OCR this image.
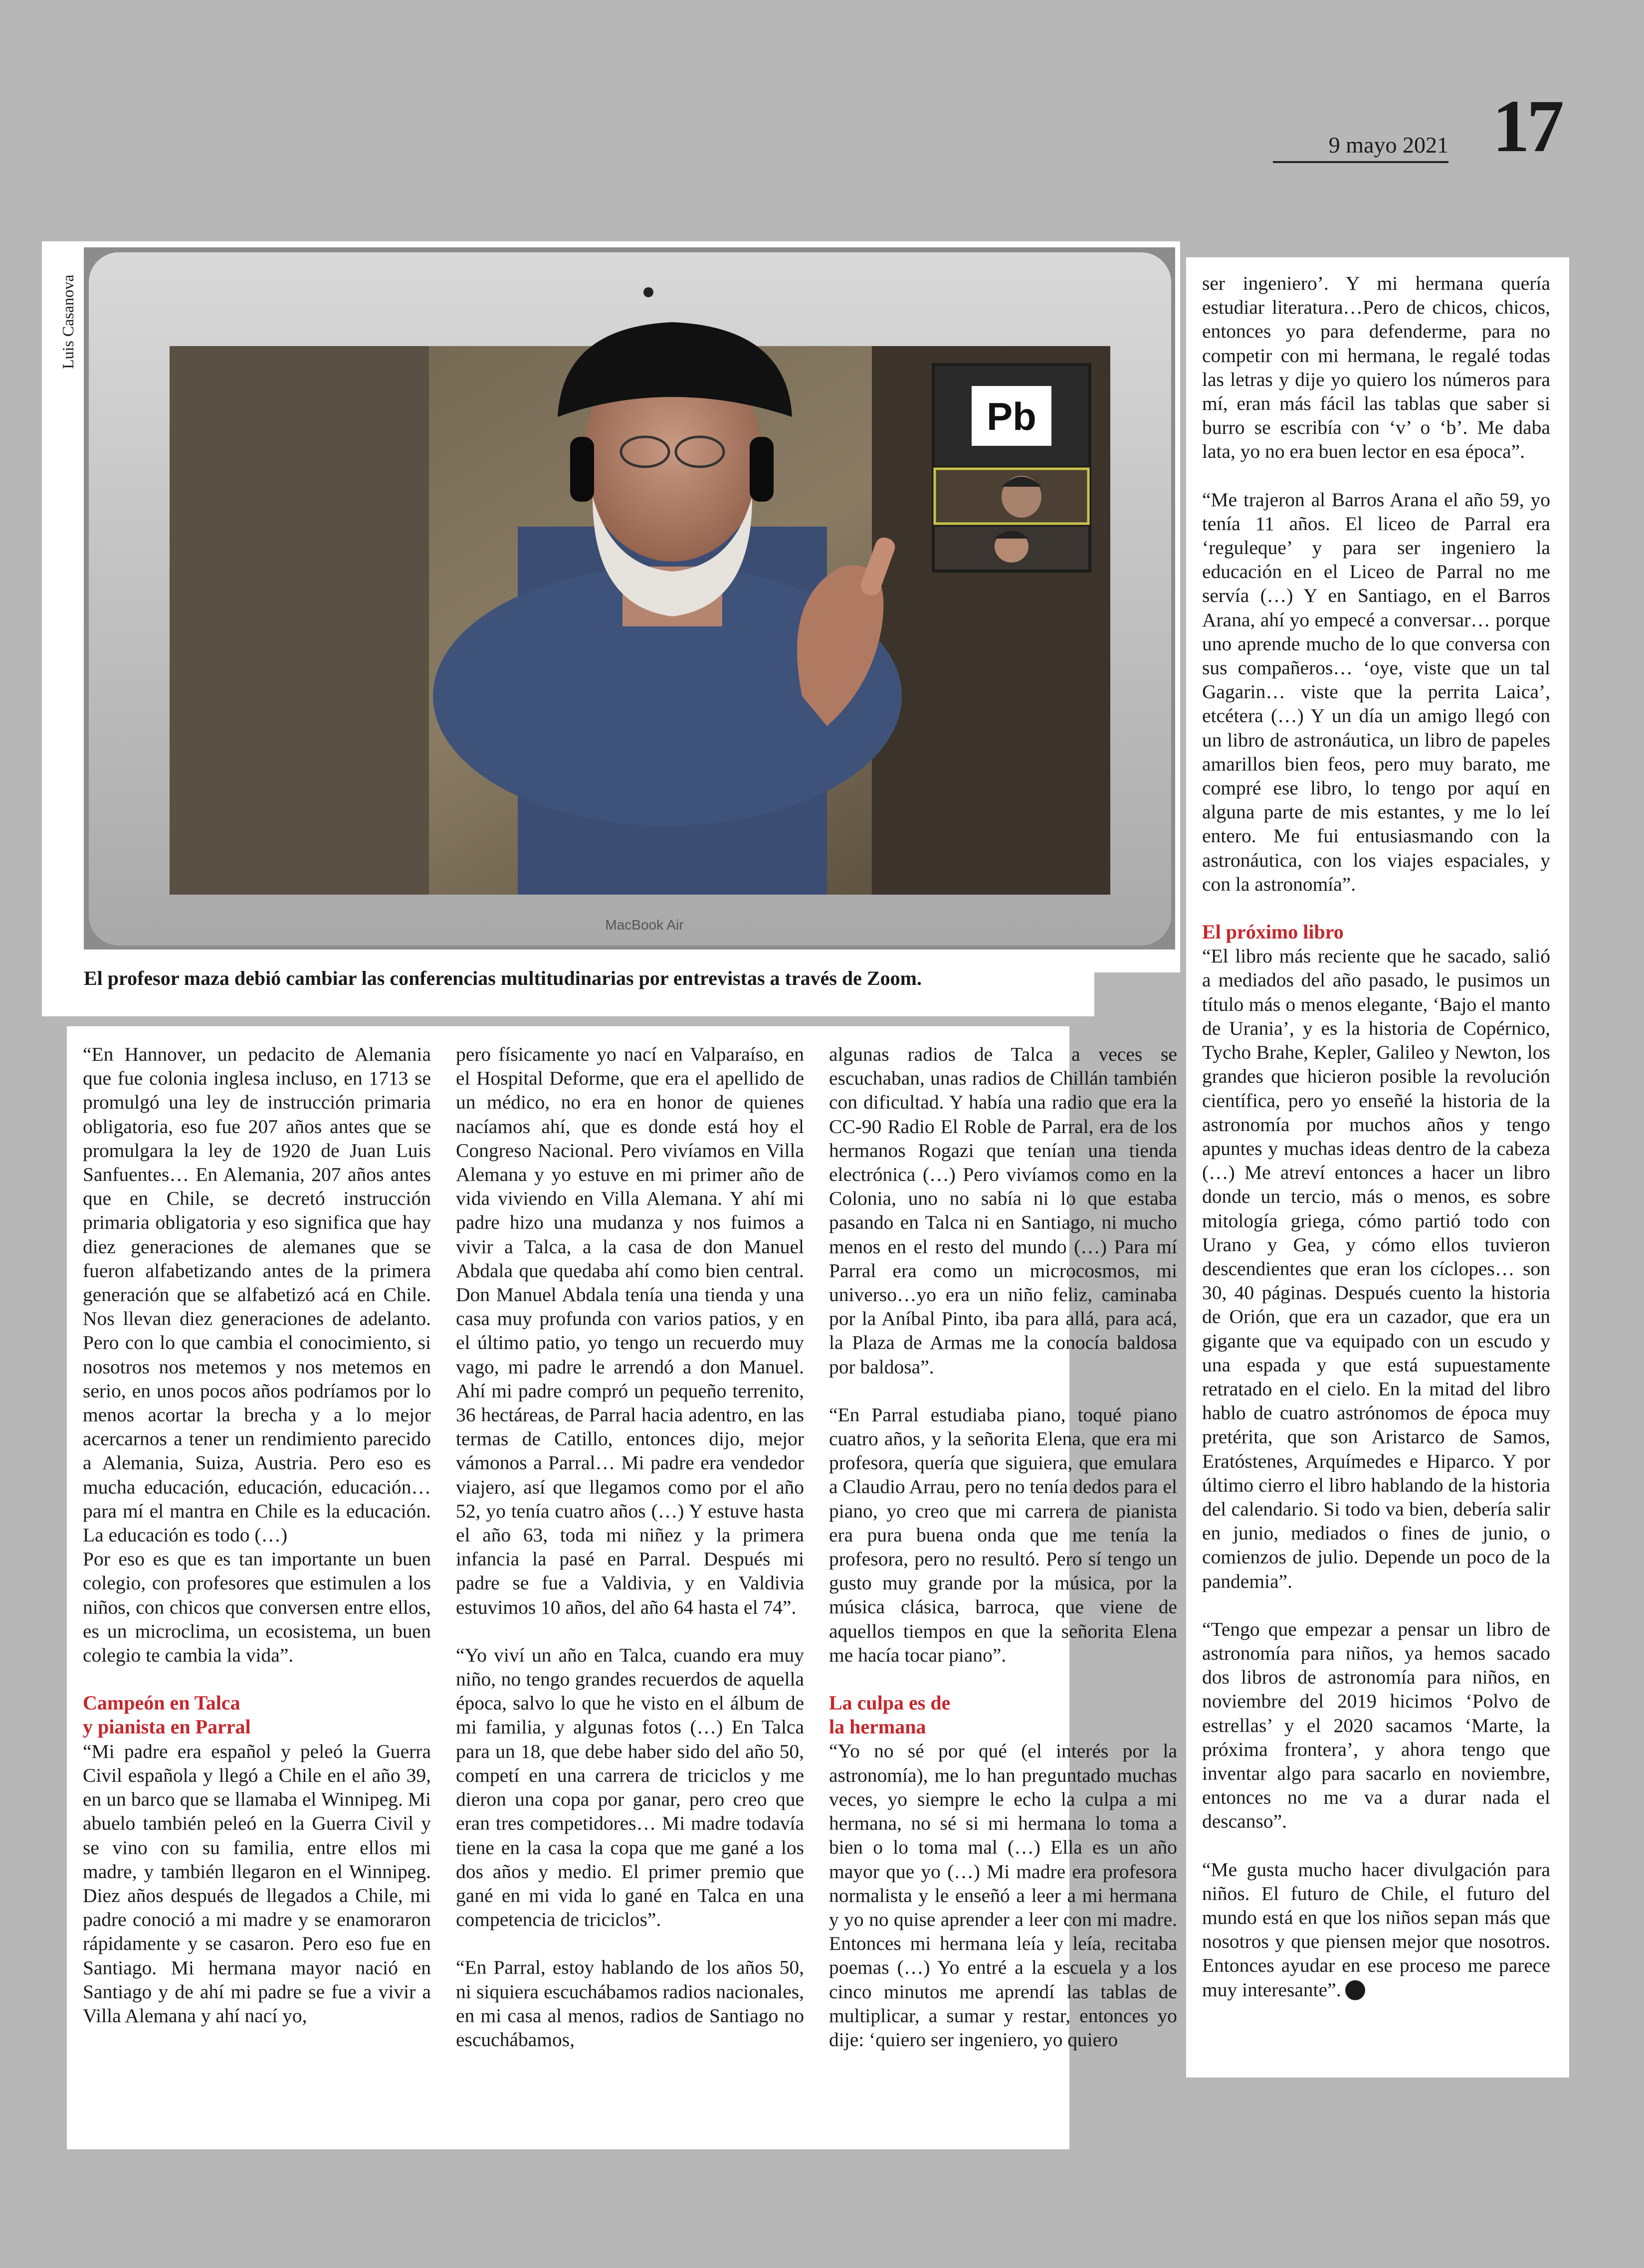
9 mayo 2021 17
Luis Casanova
Pb
MacBook Air
El profesor maza debió cambiar las conferencias multitudinarias por entrevistas a través de Zoom.

“En Hannover, un pedacito de Alemania que fue colonia inglesa incluso, en 1713 se promulgó una ley de instrucción primaria obligatoria, eso fue 207 años antes que se promulgara la ley de 1920 de Juan Luis Sanfuentes… En Alemania, 207 años antes que en Chile, se decretó instrucción primaria obligatoria y eso significa que hay diez generaciones de alemanes que se fueron alfabetizando antes de la primera generación que se alfabetizó acá en Chile. Nos llevan diez generaciones de adelanto. Pero con lo que cambia el conocimiento, si nosotros nos metemos y nos metemos en serio, en unos pocos años podríamos por lo menos acortar la brecha y a lo mejor acercarnos a tener un rendimiento parecido a Alemania, Suiza, Austria. Pero eso es mucha educación, educación, educación… para mí el mantra en Chile es la educación. La educación es todo (…)

Por eso es que es tan importante un buen colegio, con profesores que estimulen a los niños, con chicos que conversen entre ellos, es un microclima, un ecosistema, un buen colegio te cambia la vida”.

Campeón en Talca
y pianista en Parral

“Mi padre era español y peleó la Guerra Civil española y llegó a Chile en el año 39, en un barco que se llamaba el Winnipeg. Mi abuelo también peleó en la Guerra Civil y se vino con su familia, entre ellos mi madre, y también llegaron en el Winnipeg. Diez años después de llegados a Chile, mi padre conoció a mi madre y se enamoraron rápidamente y se casaron. Pero eso fue en Santiago. Mi hermana mayor nació en Santiago y de ahí mi padre se fue a vivir a Villa Alemana y ahí nací yo,

pero físicamente yo nací en Valparaíso, en el Hospital Deforme, que era el apellido de un médico, no era en honor de quienes nacíamos ahí, que es donde está hoy el Congreso Nacional. Pero vivíamos en Villa Alemana y yo estuve en mi primer año de vida viviendo en Villa Alemana. Y ahí mi padre hizo una mudanza y nos fuimos a vivir a Talca, a la casa de don Manuel Abdala que quedaba ahí como bien central. Don Manuel Abdala tenía una tienda y una casa muy profunda con varios patios, y en el último patio, yo tengo un recuerdo muy vago, mi padre le arrendó a don Manuel. Ahí mi padre compró un pequeño terrenito, 36 hectáreas, de Parral hacia adentro, en las termas de Catillo, entonces dijo, mejor vámonos a Parral… Mi padre era vendedor viajero, así que llegamos como por el año 52, yo tenía cuatro años (…) Y estuve hasta el año 63, toda mi niñez y la primera infancia la pasé en Parral. Después mi padre se fue a Valdivia, y en Valdivia estuvimos 10 años, del año 64 hasta el 74”.

“Yo viví un año en Talca, cuando era muy niño, no tengo grandes recuerdos de aquella época, salvo lo que he visto en el álbum de mi familia, y algunas fotos (…) En Talca para un 18, que debe haber sido del año 50, competí en una carrera de triciclos y me dieron una copa por ganar, pero creo que eran tres competidores… Mi madre todavía tiene en la casa la copa que me gané a los dos años y medio. El primer premio que gané en mi vida lo gané en Talca en una competencia de triciclos”.

“En Parral, estoy hablando de los años 50, ni siquiera escuchábamos radios nacionales, en mi casa al menos, radios de Santiago no escuchábamos,

algunas radios de Talca a veces se escuchaban, unas radios de Chillán también con dificultad. Y había una radio que era la CC-90 Radio El Roble de Parral, era de los hermanos Rogazi que tenían una tienda electrónica (…) Pero vivíamos como en la Colonia, uno no sabía ni lo que estaba pasando en Talca ni en Santiago, ni mucho menos en el resto del mundo (…) Para mí Parral era como un microcosmos, mi universo…yo era un niño feliz, caminaba por la Aníbal Pinto, iba para allá, para acá, la Plaza de Armas me la conocía baldosa por baldosa”.

“En Parral estudiaba piano, toqué piano cuatro años, y la señorita Elena, que era mi profesora, quería que siguiera, que emulara a Claudio Arrau, pero no tenía dedos para el piano, yo creo que mi carrera de pianista era pura buena onda que me tenía la profesora, pero no resultó. Pero sí tengo un gusto muy grande por la música, por la música clásica, barroca, que viene de aquellos tiempos en que la señorita Elena me hacía tocar piano”.

La culpa es de
la hermana

“Yo no sé por qué (el interés por la astronomía), me lo han preguntado muchas veces, yo siempre le echo la culpa a mi hermana, no sé si mi hermana lo toma a bien o lo toma mal (…) Ella es un año mayor que yo (…) Mi madre era profesora normalista y le enseñó a leer a mi hermana y yo no quise aprender a leer con mi madre. Entonces mi hermana leía y leía, recitaba poemas (…) Yo entré a la escuela y a los cinco minutos me aprendí las tablas de multiplicar, a sumar y restar, entonces yo dije: ‘quiero ser ingeniero, yo quiero

ser ingeniero’. Y mi hermana quería estudiar literatura…Pero de chicos, chicos, entonces yo para defenderme, para no competir con mi hermana, le regalé todas las letras y dije yo quiero los números para mí, eran más fácil las tablas que saber si burro se escribía con ‘v’ o ‘b’. Me daba lata, yo no era buen lector en esa época”.

“Me trajeron al Barros Arana el año 59, yo tenía 11 años. El liceo de Parral era ‘reguleque’ y para ser ingeniero la educación en el Liceo de Parral no me servía (…) Y en Santiago, en el Barros Arana, ahí yo empecé a conversar… porque uno aprende mucho de lo que conversa con sus compañeros… ‘oye, viste que un tal Gagarin… viste que la perrita Laica’, etcétera (…) Y un día un amigo llegó con un libro de astronáutica, un libro de papeles amarillos bien feos, pero muy barato, me compré ese libro, lo tengo por aquí en alguna parte de mis estantes, y me lo leí entero. Me fui entusiasmando con la astronáutica, con los viajes espaciales, y con la astronomía”.

El próximo libro

“El libro más reciente que he sacado, salió a mediados del año pasado, le pusimos un título más o menos elegante, ‘Bajo el manto de Urania’, y es la historia de Copérnico, Tycho Brahe, Kepler, Galileo y Newton, los grandes que hicieron posible la revolución científica, pero yo enseñé la historia de la astronomía por muchos años y tengo apuntes y muchas ideas dentro de la cabeza (…) Me atreví entonces a hacer un libro donde un tercio, más o menos, es sobre mitología griega, cómo partió todo con Urano y Gea, y cómo ellos tuvieron descendientes que eran los cíclopes… son 30, 40 páginas. Después cuento la historia de Orión, que era un cazador, que era un gigante que va equipado con un escudo y una espada y que está supuestamente retratado en el cielo. En la mitad del libro hablo de cuatro astrónomos de época muy pretérita, que son Aristarco de Samos, Eratóstenes, Arquímedes e Hiparco. Y por último cierro el libro hablando de la historia del calendario. Si todo va bien, debería salir en junio, mediados o fines de junio, o comienzos de julio. Depende un poco de la pandemia”.

“Tengo que empezar a pensar un libro de astronomía para niños, ya hemos sacado dos libros de astronomía para niños, en noviembre del 2019 hicimos ‘Polvo de estrellas’ y el 2020 sacamos ‘Marte, la próxima frontera’, y ahora tengo que inventar algo para sacarlo en noviembre, entonces no me va a durar nada el descanso”.

“Me gusta mucho hacer divulgación para niños. El futuro de Chile, el futuro del mundo está en que los niños sepan más que nosotros y que piensen mejor que nosotros. Entonces ayudar en ese proceso me parece muy interesante”.
